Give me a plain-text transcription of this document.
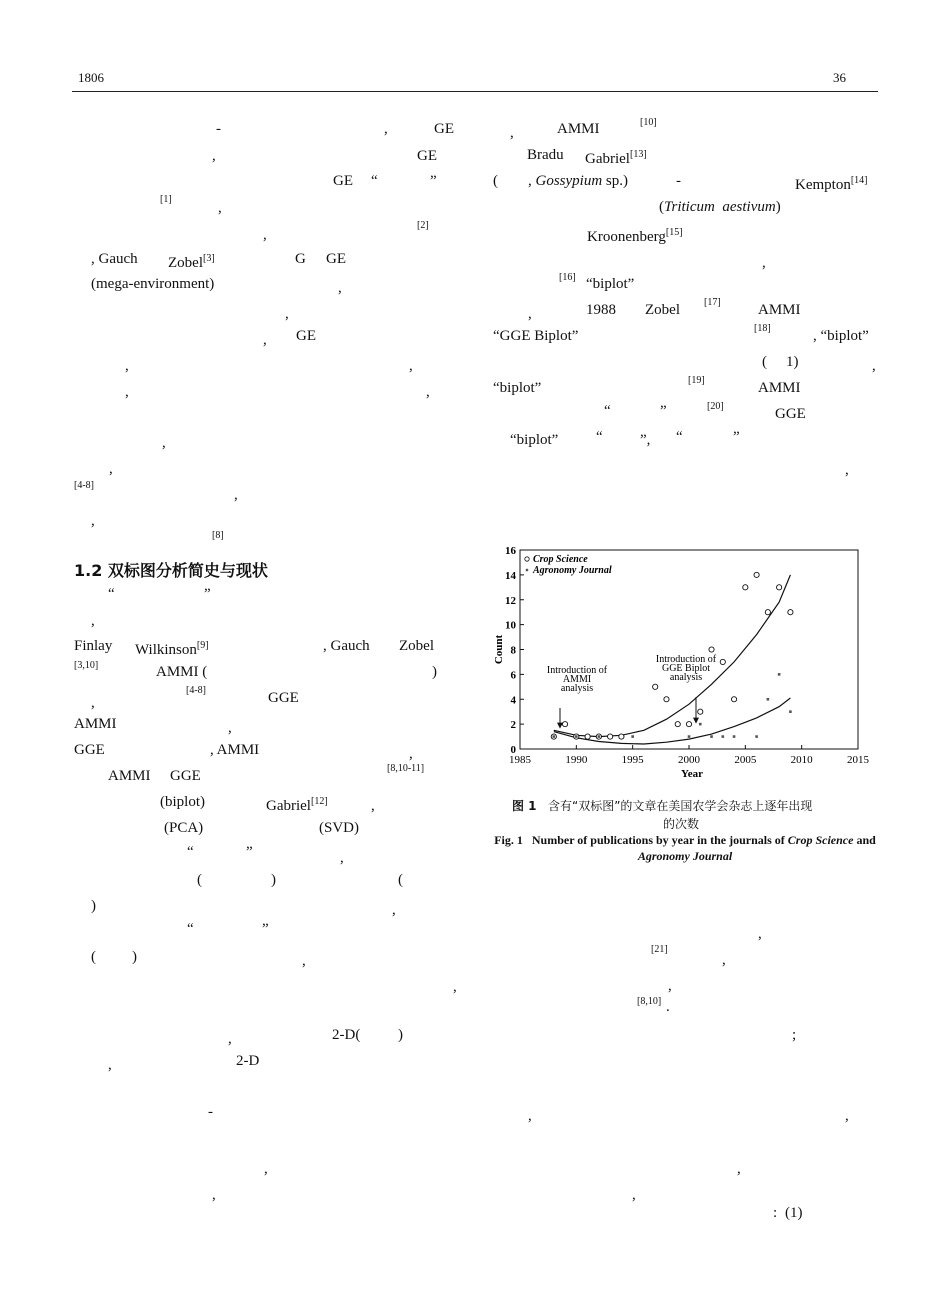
1806	36
-	,	GE
,	GE
GE “	”
[1]
,
,
[2]
, Gauch Zobel[3]	G GE
(mega-environment)	,
,
, GE
,	,
,	,
,
,
[4-8]
,
,
[8]
1.2 双标图分析简史与现状
“	”
,
Finlay Wilkinson[9]	, Gauch Zobel
[3,10]	AMMI (	)
,
[4-8]	GGE
AMMI	,
GGE	, AMMI	,
AMMI GGE	[8,10-11]
(biplot)	Gabriel[12]	,
(PCA)	(SVD)
“	”	,
(	)	(
)	,
“	”
( )	,
,
,	2-D(	)
,	2-D
-
,
,
,	AMMI	[10]
Bradu Gabriel[13]
( , Gossypium sp.)	-	Kempton[14]
(Triticum aestivum)
Kroonenberg[15]
,
[16] “biplot”
,	1988 Zobel [17] AMMI
“GGE Biplot”	[18]	, “biplot”
( 1)	,
“biplot”	[19]	AMMI
“	”	[20]	GGE
“biplot”	“ ”, “	”
,
,
[21]
,
,
[8,10] .
;
,	,
,
,
: (1)
1985	1990	1995	2000	2005	2010	2015
0
2
4
6
8
10
12
14
16
Year
Count
Introduction of
AMMI
analysis
Introduction of
GGE Biplot
analysis
Crop Science
Agronomy Journal
图 1 含有“双标图”的文章在美国农学会杂志上逐年出现
的次数
Fig. 1 Number of publications by year in the journals of Crop Science and Agronomy Journal
